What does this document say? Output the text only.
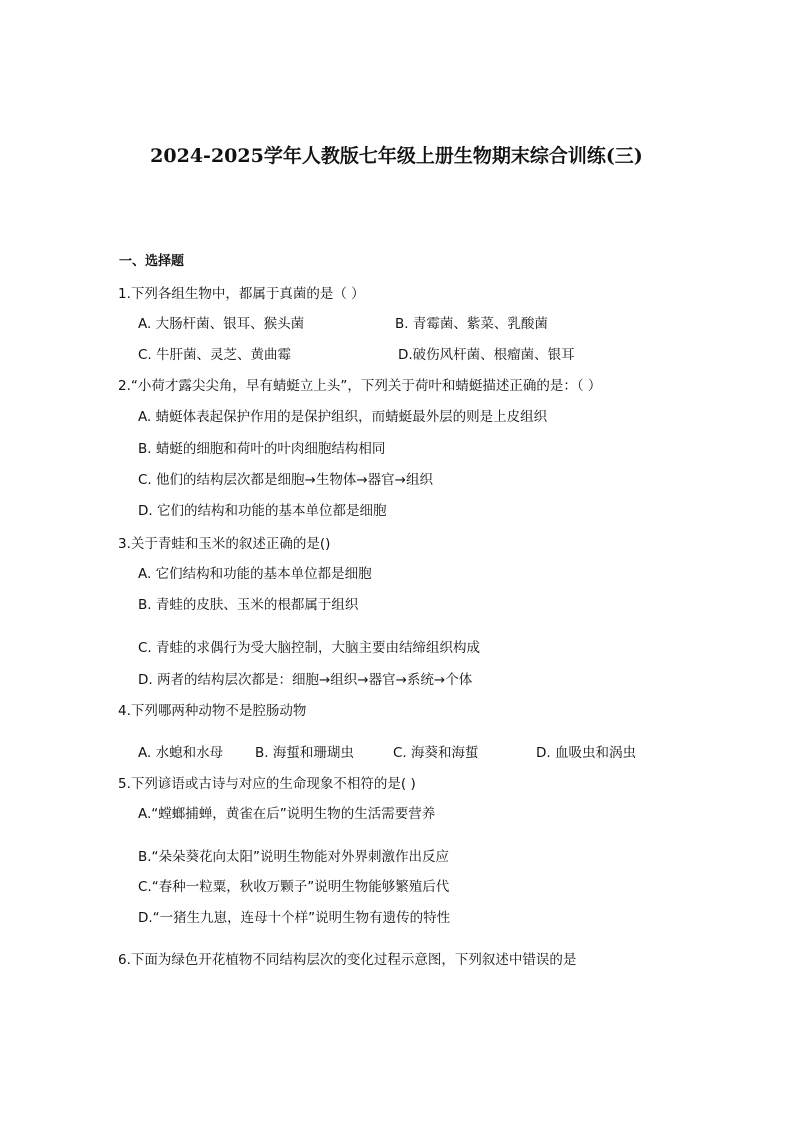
2024-2025学年人教版七年级上册生物期末综合训练(三)
一、选择题
1.下列各组生物中，都属于真菌的是（ ）
A. 大肠杆菌、银耳、猴头菌	B. 青霉菌、紫菜、乳酸菌
C. 牛肝菌、灵芝、黄曲霉	D.破伤风杆菌、根瘤菌、银耳
2.“小荷才露尖尖角，早有蜻蜓立上头”，下列关于荷叶和蜻蜓描述正确的是：（ ）
A. 蜻蜓体表起保护作用的是保护组织，而蜻蜓最外层的则是上皮组织
B. 蜻蜓的细胞和荷叶的叶肉细胞结构相同
C. 他们的结构层次都是细胞→生物体→器官→组织
D. 它们的结构和功能的基本单位都是细胞
3.关于青蛙和玉米的叙述正确的是()
A. 它们结构和功能的基本单位都是细胞
B. 青蛙的皮肤、玉米的根都属于组织
C. 青蛙的求偶行为受大脑控制，大脑主要由结缔组织构成
D. 两者的结构层次都是：细胞→组织→器官→系统→个体
4.下列哪两种动物不是腔肠动物
A. 水螅和水母 B. 海蜇和珊瑚虫	C. 海葵和海蜇	D. 血吸虫和涡虫
5.下列谚语或古诗与对应的生命现象不相符的是( )
A.“螳螂捕蝉，黄雀在后”说明生物的生活需要营养
B.“朵朵葵花向太阳”说明生物能对外界刺激作出反应
C.“春种一粒粟，秋收万颗子”说明生物能够繁殖后代
D.“一猪生九崽，连母十个样”说明生物有遗传的特性
6.下面为绿色开花植物不同结构层次的变化过程示意图，下列叙述中错误的是
